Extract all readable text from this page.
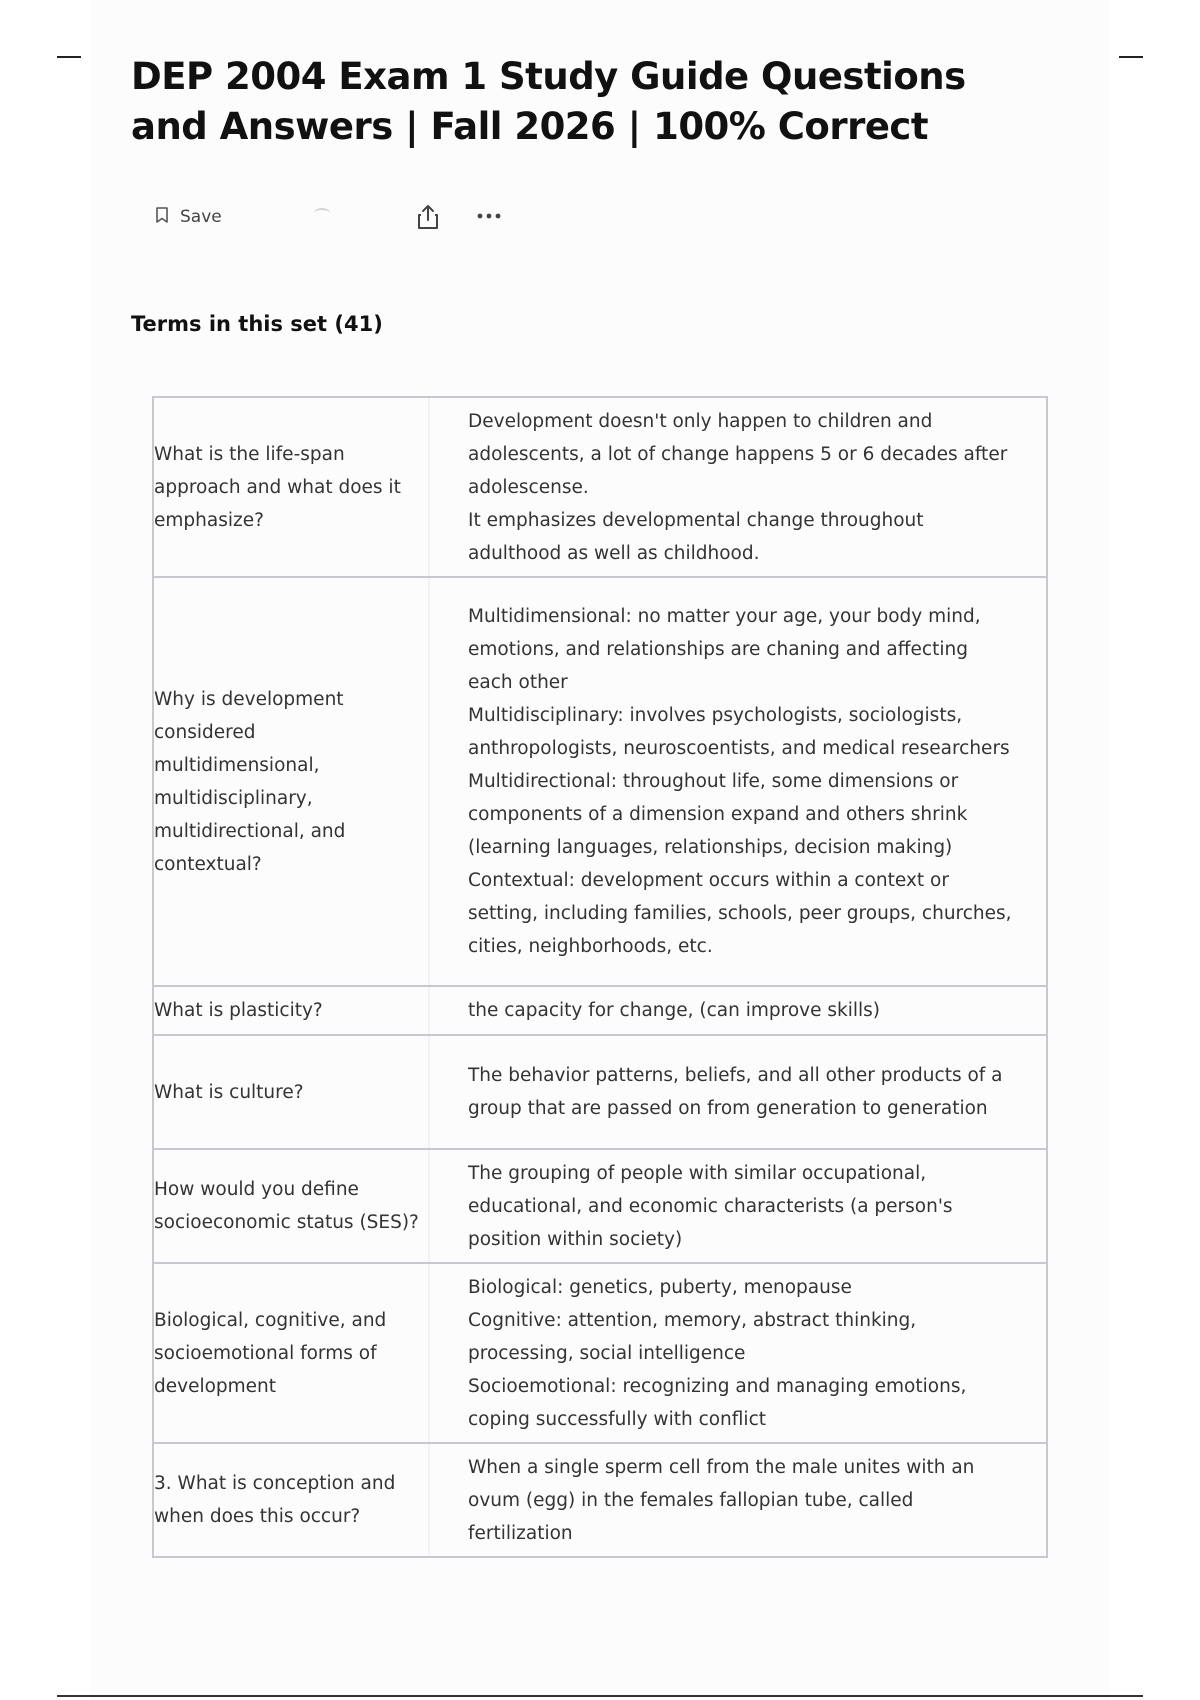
DEP 2004 Exam 1 Study Guide Questions and Answers | Fall 2026 | 100% Correct
Save
Terms in this set (41)
What is the life-span approach and what does it emphasize?		Development doesn't only happen to children and adolescents, a lot of change happens 5 or 6 decades after adolescense.
It emphasizes developmental change throughout adulthood as well as childhood.
Why is development considered multidimensional, multidisciplinary, multidirectional, and contextual?		Multidimensional: no matter your age, your body mind, emotions, and relationships are chaning and affecting each other
Multidisciplinary: involves psychologists, sociologists, anthropologists, neuroscoentists, and medical researchers
Multidirectional: throughout life, some dimensions or components of a dimension expand and others shrink (learning languages, relationships, decision making)
Contextual: development occurs within a context or setting, including families, schools, peer groups, churches, cities, neighborhoods, etc.
What is plasticity?		the capacity for change, (can improve skills)
What is culture?		The behavior patterns, beliefs, and all other products of a group that are passed on from generation to generation
How would you define socioeconomic status (SES)?		The grouping of people with similar occupational, educational, and economic characterists (a person's position within society)
Biological, cognitive, and socioemotional forms of development		Biological: genetics, puberty, menopause
Cognitive: attention, memory, abstract thinking, processing, social intelligence
Socioemotional: recognizing and managing emotions, coping successfully with conflict
3. What is conception and when does this occur?		When a single sperm cell from the male unites with an ovum (egg) in the females fallopian tube, called fertilization
